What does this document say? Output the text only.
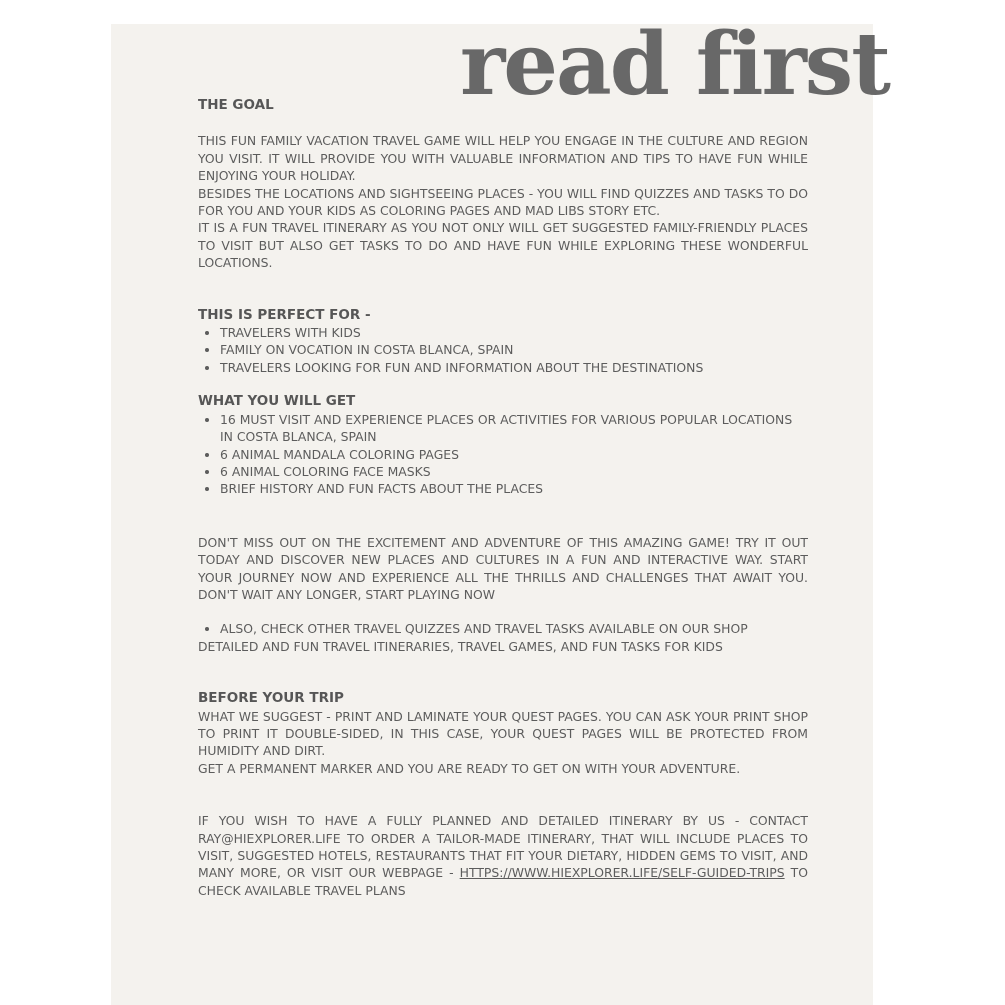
read first

THE GOAL

THIS FUN FAMILY VACATION TRAVEL GAME WILL HELP YOU ENGAGE IN THE CULTURE AND REGION YOU VISIT. IT WILL PROVIDE YOU WITH VALUABLE INFORMATION AND TIPS TO HAVE FUN WHILE ENJOYING YOUR HOLIDAY.

BESIDES THE LOCATIONS AND SIGHTSEEING PLACES - YOU WILL FIND QUIZZES AND TASKS TO DO FOR YOU AND YOUR KIDS AS COLORING PAGES AND MAD LIBS STORY ETC.

IT IS A FUN TRAVEL ITINERARY AS YOU NOT ONLY WILL GET SUGGESTED FAMILY-FRIENDLY PLACES TO VISIT BUT ALSO GET TASKS TO DO AND HAVE FUN WHILE EXPLORING THESE WONDERFUL LOCATIONS.

THIS IS PERFECT FOR -

• TRAVELERS WITH KIDS
• FAMILY ON VOCATION IN COSTA BLANCA, SPAIN
• TRAVELERS LOOKING FOR FUN AND INFORMATION ABOUT THE DESTINATIONS

WHAT YOU WILL GET

• 16 MUST VISIT AND EXPERIENCE PLACES OR ACTIVITIES FOR VARIOUS POPULAR LOCATIONS IN COSTA BLANCA, SPAIN
• 6 ANIMAL MANDALA COLORING PAGES
• 6 ANIMAL COLORING FACE MASKS
• BRIEF HISTORY AND FUN FACTS ABOUT THE PLACES

DON'T MISS OUT ON THE EXCITEMENT AND ADVENTURE OF THIS AMAZING GAME! TRY IT OUT TODAY AND DISCOVER NEW PLACES AND CULTURES IN A FUN AND INTERACTIVE WAY. START YOUR JOURNEY NOW AND EXPERIENCE ALL THE THRILLS AND CHALLENGES THAT AWAIT YOU. DON'T WAIT ANY LONGER, START PLAYING NOW

• ALSO, CHECK OTHER TRAVEL QUIZZES AND TRAVEL TASKS AVAILABLE ON OUR SHOP

DETAILED AND FUN TRAVEL ITINERARIES, TRAVEL GAMES, AND FUN TASKS FOR KIDS

BEFORE YOUR TRIP

WHAT WE SUGGEST - PRINT AND LAMINATE YOUR QUEST PAGES. YOU CAN ASK YOUR PRINT SHOP TO PRINT IT DOUBLE-SIDED, IN THIS CASE, YOUR QUEST PAGES WILL BE PROTECTED FROM HUMIDITY AND DIRT.

GET A PERMANENT MARKER AND YOU ARE READY TO GET ON WITH YOUR ADVENTURE.

IF YOU WISH TO HAVE A FULLY PLANNED AND DETAILED ITINERARY BY US - CONTACT RAY@HIEXPLORER.LIFE TO ORDER A TAILOR-MADE ITINERARY, THAT WILL INCLUDE PLACES TO VISIT, SUGGESTED HOTELS, RESTAURANTS THAT FIT YOUR DIETARY, HIDDEN GEMS TO VISIT, AND MANY MORE, OR VISIT OUR WEBPAGE - HTTPS://WWW.HIEXPLORER.LIFE/SELF-GUIDED-TRIPS TO CHECK AVAILABLE TRAVEL PLANS
